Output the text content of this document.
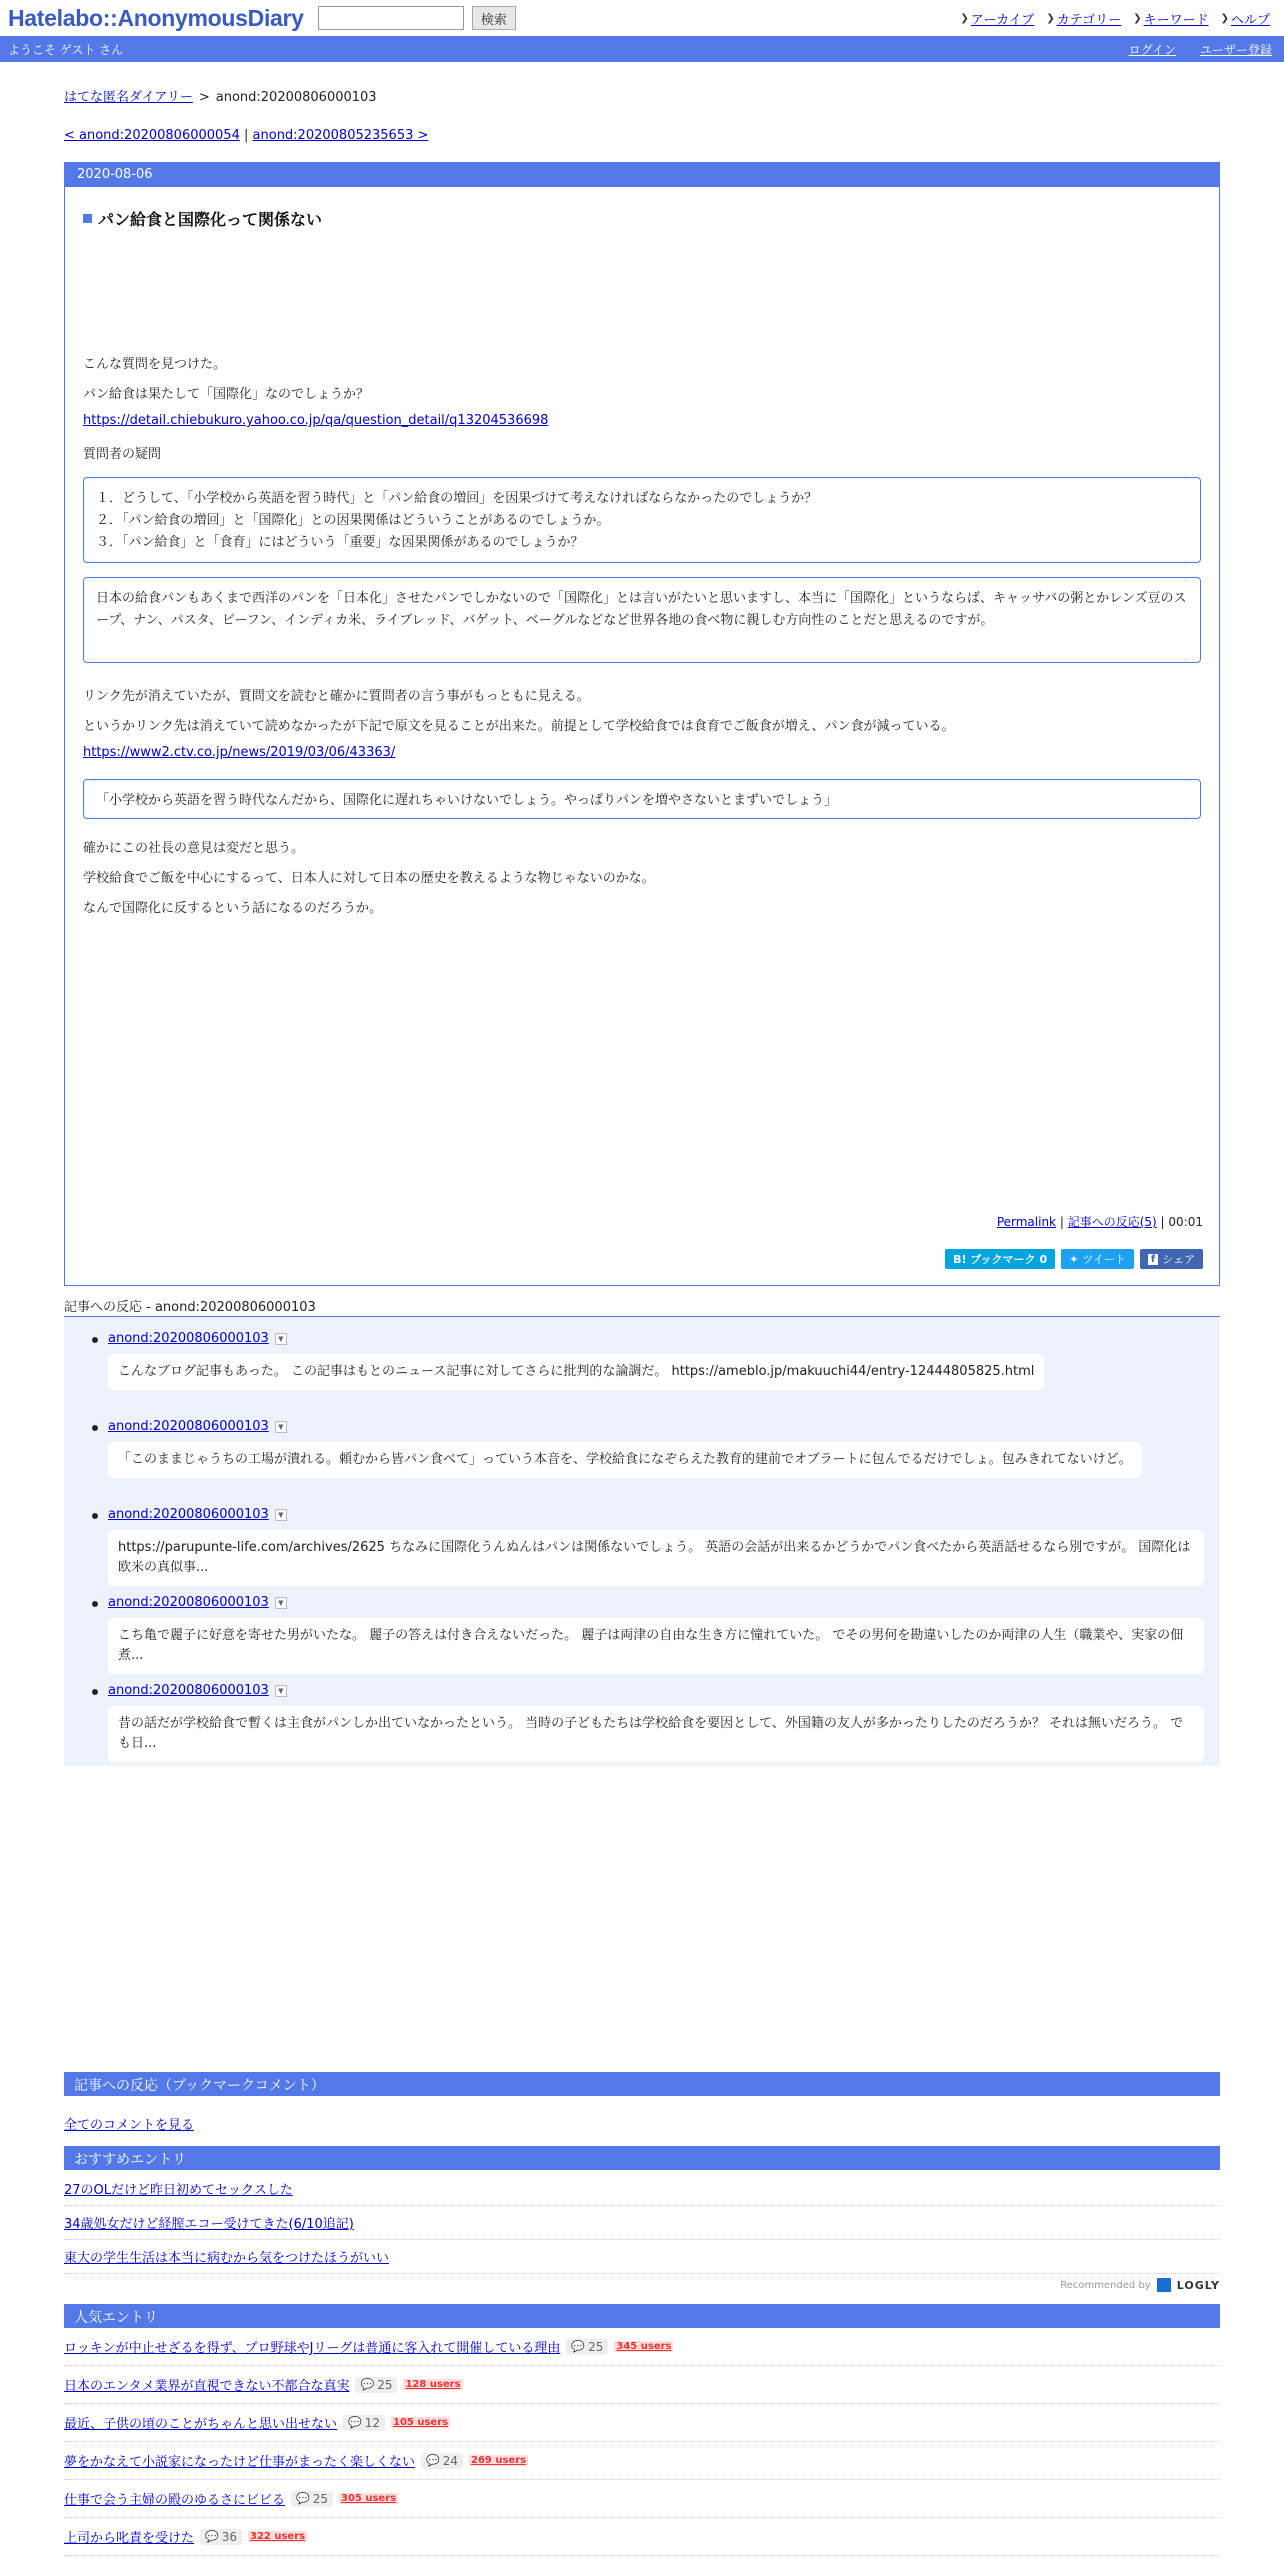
Hatelabo::AnonymousDiary	検索	❯ アーカイブ ❯ カテゴリー ❯ キーワード ❯ ヘルプ
ようこそ ゲスト さん	ログイン ユーザー登録
はてな匿名ダイアリー > anond:20200806000103
< anond:20200806000054 | anond:20200805235653 >
2020-08-06
パン給食と国際化って関係ない
こんな質問を見つけた。
パン給食は果たして「国際化」なのでしょうか？
https://detail.chiebukuro.yahoo.co.jp/qa/question_detail/q13204536698
質問者の疑問
１．どうして、「小学校から英語を習う時代」と「パン給食の増回」を因果づけて考えなければならなかったのでしょうか？
２．「パン給食の増回」と「国際化」との因果関係はどういうことがあるのでしょうか。
３．「パン給食」と「食育」にはどういう「重要」な因果関係があるのでしょうか？
日本の給食パンもあくまで西洋のパンを「日本化」させたパンでしかないので「国際化」とは言いがたいと思いますし、本当に「国際化」というならば、キャッサバの粥とかレンズ豆のスープ、ナン、パスタ、ビーフン、インディカ米、ライブレッド、バゲット、ベーグルなどなど世界各地の食べ物に親しむ方向性のことだと思えるのですが。
リンク先が消えていたが、質問文を読むと確かに質問者の言う事がもっともに見える。
というかリンク先は消えていて読めなかったが下記で原文を見ることが出来た。前提として学校給食では食育でご飯食が増え、パン食が減っている。
https://www2.ctv.co.jp/news/2019/03/06/43363/
「小学校から英語を習う時代なんだから、国際化に遅れちゃいけないでしょう。やっぱりパンを増やさないとまずいでしょう」
確かにこの社長の意見は変だと思う。
学校給食でご飯を中心にするって、日本人に対して日本の歴史を教えるような物じゃないのかな。
なんで国際化に反するという話になるのだろうか。
Permalink | 記事への反応(5) | 00:01
B! ブックマーク 0 ✦ ツイート	f シェア
記事への反応 - anond:20200806000103
anond:20200806000103	▼
こんなブログ記事もあった。 この記事はもとのニュース記事に対してさらに批判的な論調だ。 https://ameblo.jp/makuuchi44/entry-12444805825.html
anond:20200806000103	▼
「このままじゃうちの工場が潰れる。頼むから皆パン食べて」っていう本音を、学校給食になぞらえた教育的建前でオブラートに包んでるだけでしょ。包みきれてないけど。
anond:20200806000103	▼
https://parupunte-life.com/archives/2625 ちなみに国際化うんぬんはパンは関係ないでしょう。 英語の会話が出来るかどうかでパン食べたから英語話せるなら別ですが。 国際化は欧米の真似事...
anond:20200806000103	▼
こち亀で麗子に好意を寄せた男がいたな。 麗子の答えは付き合えないだった。 麗子は両津の自由な生き方に憧れていた。 でその男何を勘違いしたのか両津の人生（職業や、実家の佃煮...
anond:20200806000103	▼
昔の話だが学校給食で暫くは主食がパンしか出ていなかったという。 当時の子どもたちは学校給食を要因として、外国籍の友人が多かったりしたのだろうか？ それは無いだろう。 でも日...
記事への反応（ブックマークコメント）
全てのコメントを見る
おすすめエントリ
27のOLだけど昨日初めてセックスした
34歳処女だけど経膣エコー受けてきた(6/10追記)
東大の学生生活は本当に病むから気をつけたほうがいい
Recommended by LOGLY
人気エントリ
ロッキンが中止せざるを得ず、プロ野球やJリーグは普通に客入れて開催している理由 💬 25 345 users
日本のエンタメ業界が直視できない不都合な真実 💬 25 128 users
最近、子供の頃のことがちゃんと思い出せない 💬 12 105 users
夢をかなえて小説家になったけど仕事がまったく楽しくない 💬 24 269 users
仕事で会う主婦の殿のゆるさにビビる 💬 25 305 users
上司から叱責を受けた 💬 36 322 users
